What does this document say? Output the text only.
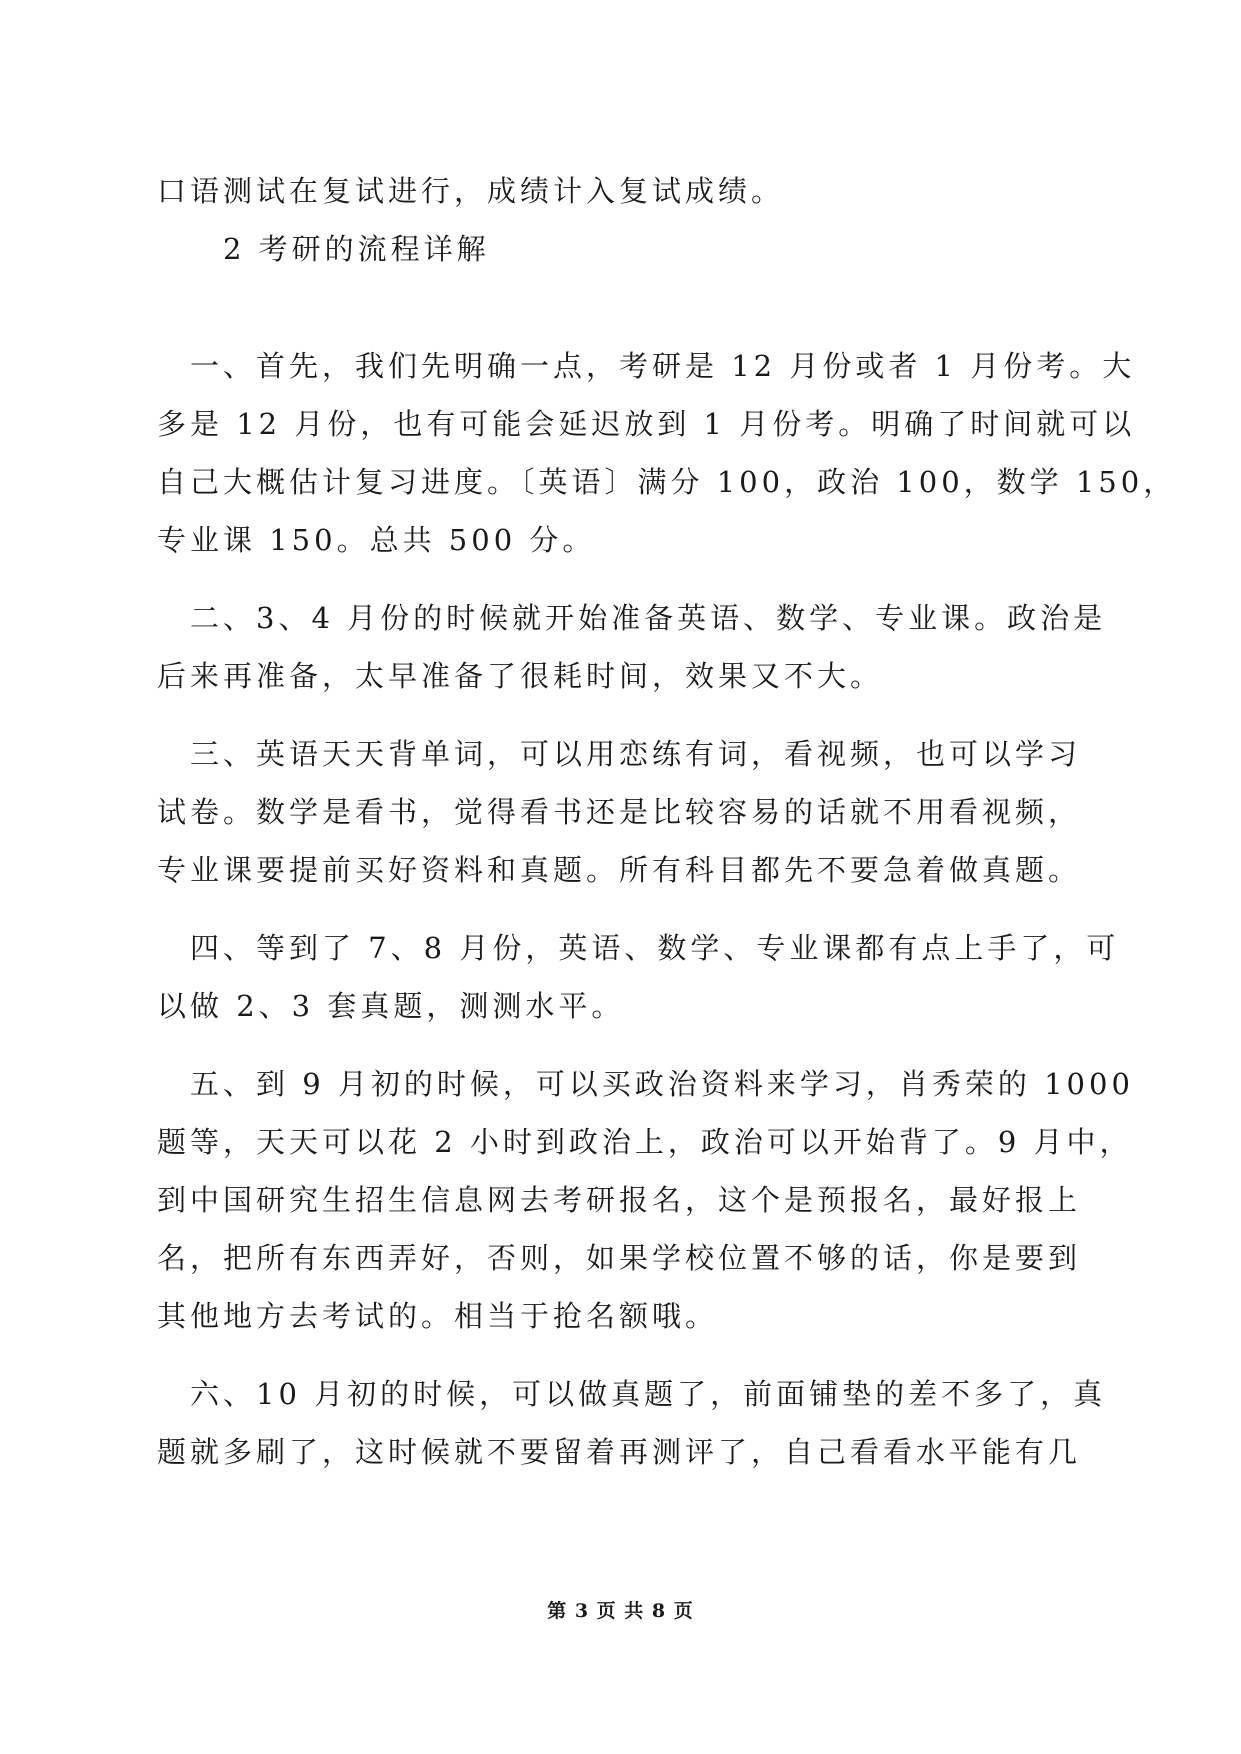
口语测试在复试进行，成绩计入复试成绩。
　　2 考研的流程详解
　一、首先，我们先明确一点，考研是 12 月份或者 1 月份考。大
多是 12 月份，也有可能会延迟放到 1 月份考。明确了时间就可以
自己大概估计复习进度。〔英语〕满分 100，政治 100，数学 150，
专业课 150。总共 500 分。
　二、3、4 月份的时候就开始准备英语、数学、专业课。政治是
后来再准备，太早准备了很耗时间，效果又不大。
　三、英语天天背单词，可以用恋练有词，看视频，也可以学习
试卷。数学是看书，觉得看书还是比较容易的话就不用看视频，
专业课要提前买好资料和真题。所有科目都先不要急着做真题。
　四、等到了 7、8 月份，英语、数学、专业课都有点上手了，可
以做 2、3 套真题，测测水平。
　五、到 9 月初的时候，可以买政治资料来学习，肖秀荣的 1000
题等，天天可以花 2 小时到政治上，政治可以开始背了。9 月中，
到中国研究生招生信息网去考研报名，这个是预报名，最好报上
名，把所有东西弄好，否则，如果学校位置不够的话，你是要到
其他地方去考试的。相当于抢名额哦。
　六、10 月初的时候，可以做真题了，前面铺垫的差不多了，真
题就多刷了，这时候就不要留着再测评了，自己看看水平能有几
第 3 页 共 8 页
